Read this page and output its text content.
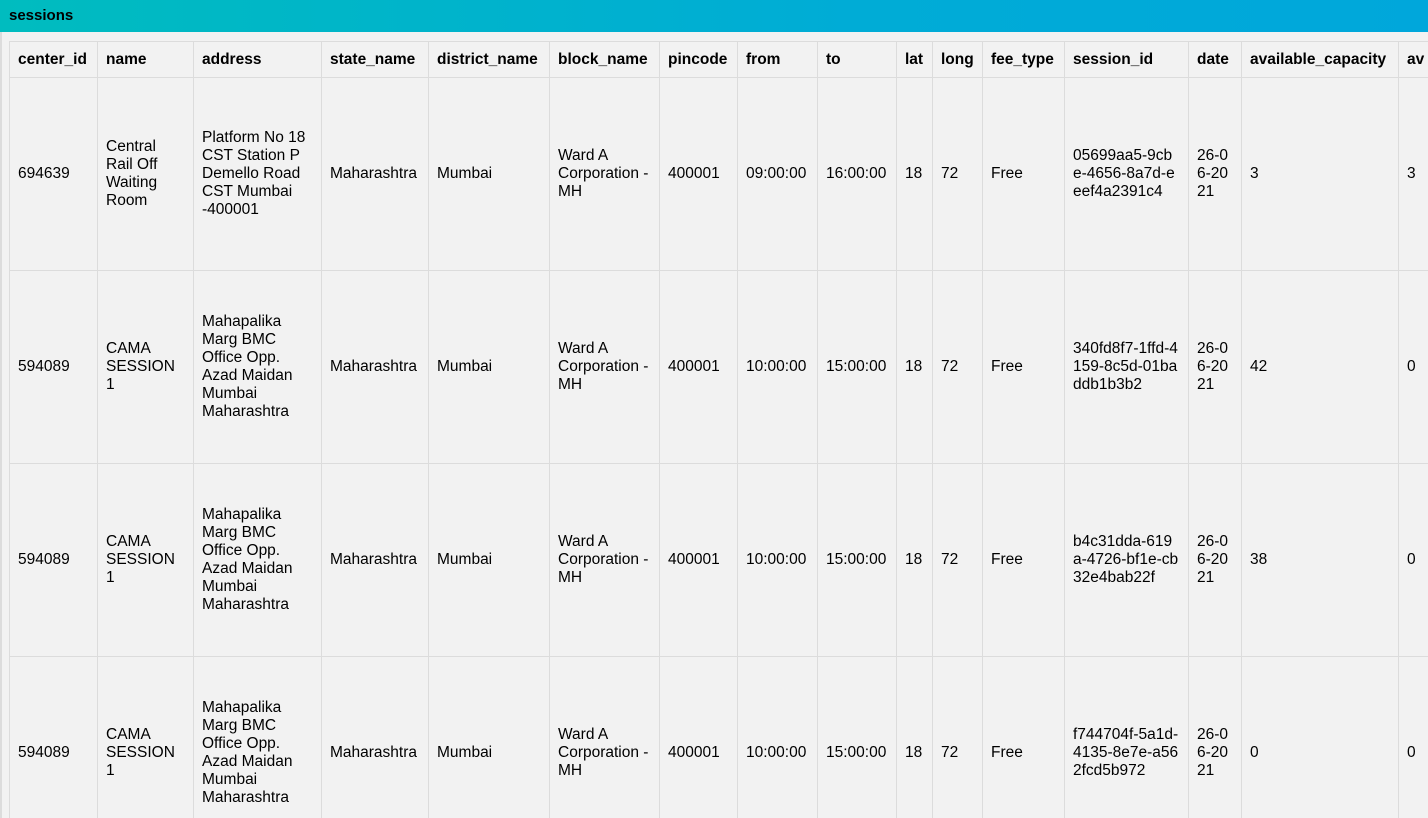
sessions
center_id	name	address	state_name	district_name	block_name	pincode	from	to	lat	long	fee_type	session_id	date	available_capacity	av
694639	Central Rail Off Waiting Room	Platform No 18 CST Station P Demello Road CST Mumbai -400001	Maharashtra	Mumbai	Ward A Corporation - MH	400001	09:00:00	16:00:00	18	72	Free	05699aa5-9cbe-4656-8a7d-eeef4a2391c4	26-06-2021	3	3
594089	CAMA SESSION 1	Mahapalika Marg BMC Office Opp. Azad Maidan Mumbai Maharashtra	Maharashtra	Mumbai	Ward A Corporation - MH	400001	10:00:00	15:00:00	18	72	Free	340fd8f7-1ffd-4159-8c5d-01baddb1b3b2	26-06-2021	42	0
594089	CAMA SESSION 1	Mahapalika Marg BMC Office Opp. Azad Maidan Mumbai Maharashtra	Maharashtra	Mumbai	Ward A Corporation - MH	400001	10:00:00	15:00:00	18	72	Free	b4c31dda-619a-4726-bf1e-cb32e4bab22f	26-06-2021	38	0
594089	CAMA SESSION 1	Mahapalika Marg BMC Office Opp. Azad Maidan Mumbai Maharashtra	Maharashtra	Mumbai	Ward A Corporation - MH	400001	10:00:00	15:00:00	18	72	Free	f744704f-5a1d-4135-8e7e-a562fcd5b972	26-06-2021	0	0
